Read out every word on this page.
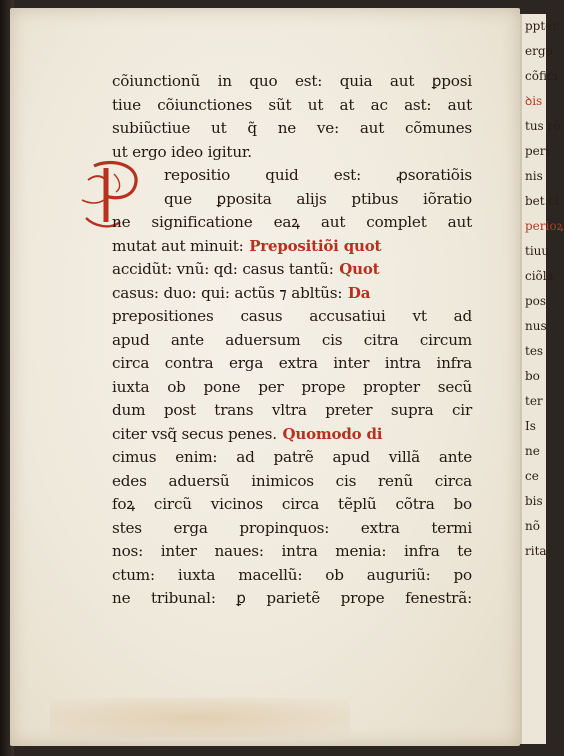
ppter
ergo
cõfici
ꝺis
tus rõ
peri
nis
bet.ci
perioꝝ
tiuu
ciõla
pos
nus
tes
bo
ter
Is
ne
ce
bis
nõ
rita
cõiunctionũ in quo est: quia aut ꝑposi
tiue cõiunctiones sũt ut at ac ast: aut
subiũctiue ut q̃ ne ve: aut cõmunes
ut ergo ideo igitur.
repositio quid est: ꝓsoratiõis
que ꝑposita alijs ptibus iõratio
ne significatione eaꝝ aut complet aut
mutat aut minuit: Prepositiõi quot
accidũt: vnũ: qd: casus tantũ: Quot
casus: duo: qui: actũs ⁊ abltũs: Da
prepositiones casus accusatiui vt ad
apud ante aduersum cis citra circum
circa contra erga extra inter intra infra
iuxta ob pone per prope propter secũ
dum post trans vltra preter supra cir
citer vsq̃ secus penes. Quomodo di
cimus enim: ad patrẽ apud villã ante
edes aduersũ inimicos cis renũ circa
foꝝ circũ vicinos circa tẽplũ cõtra bo
stes erga propinquos: extra termi
nos: inter naues: intra menia: infra te
ctum: iuxta macellũ: ob auguriũ: po
ne tribunal: ꝑ parietẽ prope fenestrã:
